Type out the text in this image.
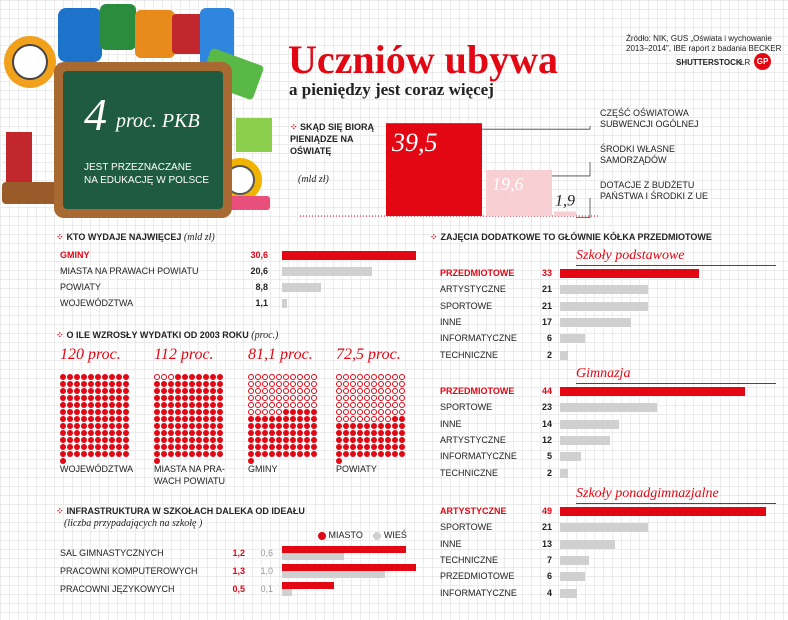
4 proc. PKB
JEST PRZEZNACZANE
NA EDUKACJĘ W POLSCE
Uczniów ubywa
a pieniędzy jest coraz więcej
Źródło: NIK, GUS „Oświata i wychowanie
2013–2014", IBE raport z badania BECKER
SHUTTERSTOCK
ŁR GP
⁘ SKĄD SIĘ BIORĄ PIENIĄDZE NA OŚWIATĘ
(mld zł)
39,5
CZĘŚĆ OŚWIATOWA
SUBWENCJI OGÓLNEJ
19,6
ŚRODKI WŁASNE
SAMORZĄDÓW
1,9
DOTACJE Z BUDŻETU
PAŃSTWA I ŚRODKI Z UE
⁘ KTO WYDAJE NAJWIĘCEJ (mld zł)
GMINY	30,6
MIASTA NA PRAWACH POWIATU	20,6
POWIATY	8,8
WOJEWÓDZTWA	1,1
⁘ O ILE WZROSŁY WYDATKI OD 2003 ROKU (proc.)
120 proc.
WOJEWÓDZTWA
112 proc.
MIASTA NA PRA-
WACH POWIATU
81,1 proc.
GMINY
72,5 proc.
POWIATY
⁘ INFRASTRUKTURA W SZKOŁACH DALEKA OD IDEAŁU
(liczba przypadających na szkołę )
MIASTO WIEŚ
SAL GIMNASTYCZNYCH	1,2	0,6
PRACOWNI KOMPUTEROWYCH	1,3	1,0
PRACOWNI JĘZYKOWYCH	0,5	0,1
⁘ ZAJĘCIA DODATKOWE TO GŁÓWNIE KÓŁKA PRZEDMIOTOWE
Szkoły podstawowe
PRZEDMIOTOWE	33
ARTYSTYCZNE	21
SPORTOWE	21
INNE	17
INFORMATYCZNE	6
TECHNICZNE	2
Gimnazja
PRZEDMIOTOWE	44
SPORTOWE	23
INNE	14
ARTYSTYCZNE	12
INFORMATYCZNE	5
TECHNICZNE	2
Szkoły ponadgimnazjalne
ARTYSTYCZNE	49
SPORTOWE	21
INNE	13
TECHNICZNE	7
PRZEDMIOTOWE	6
INFORMATYCZNE	4
